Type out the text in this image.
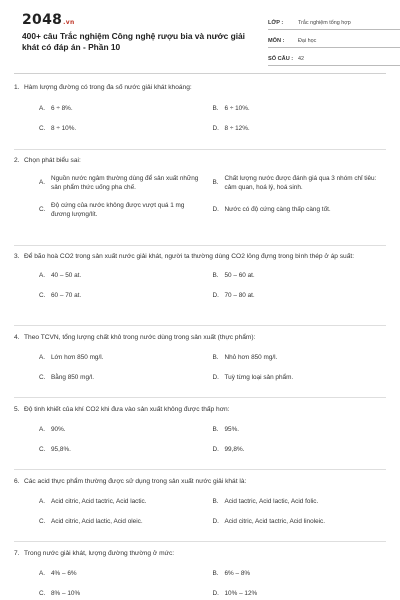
2048.vn
400+ câu Trắc nghiệm Công nghệ rượu bia và nước giải khát có đáp án - Phần 10
LỚP :	Trắc nghiệm tổng hợp
MÔN :	Đại học
SỐ CÂU : 42
1. Hàm lượng đường có trong đa số nước giải khát khoáng:
A. 6 ÷ 8%.	B. 6 ÷ 10%.
C. 8 ÷ 10%.	D. 8 ÷ 12%.
2. Chọn phát biểu sai:
A.
Nguồn nước ngâm thường dùng để sản xuất những sản phẩm thức uống pha chế.
B.
Chất lượng nước được đánh giá qua 3 nhóm chỉ tiêu: cảm quan, hoá lý, hoá sinh.
C.
Độ cứng của nước không được vượt quá 1 mg đương lượng/lít.
D. Nước có độ cứng càng thấp càng tốt.
3. Để bão hoà CO2 trong sản xuất nước giải khát, người ta thường dùng CO2 lỏng đựng trong bình thép ở áp suất:
A. 40 – 50 at.	B. 50 – 60 at.
C. 60 – 70 at.	D. 70 – 80 at.
4. Theo TCVN, tổng lượng chất khô trong nước dùng trong sản xuất (thực phẩm):
A. Lớn hơn 850 mg/l.	B. Nhỏ hơn 850 mg/l.
C. Bằng 850 mg/l.	D. Tuỳ từng loại sản phẩm.
5. Độ tinh khiết của khí CO2 khi đưa vào sản xuất không được thấp hơn:
A. 90%.	B. 95%.
C. 95,8%.	D. 99,8%.
6. Các acid thực phẩm thường được sử dụng trong sản xuất nước giải khát là:
A. Acid citric, Acid tactric, Acid lactic.	B. Acid tactric, Acid lactic, Acid folic.
C. Acid citric, Acid lactic, Acid oleic.	D. Acid citric, Acid tactric, Acid linoleic.
7. Trong nước giải khát, lượng đường thường ở mức:
A. 4% – 6%	B. 6% – 8%
C. 8% – 10%	D. 10% – 12%
